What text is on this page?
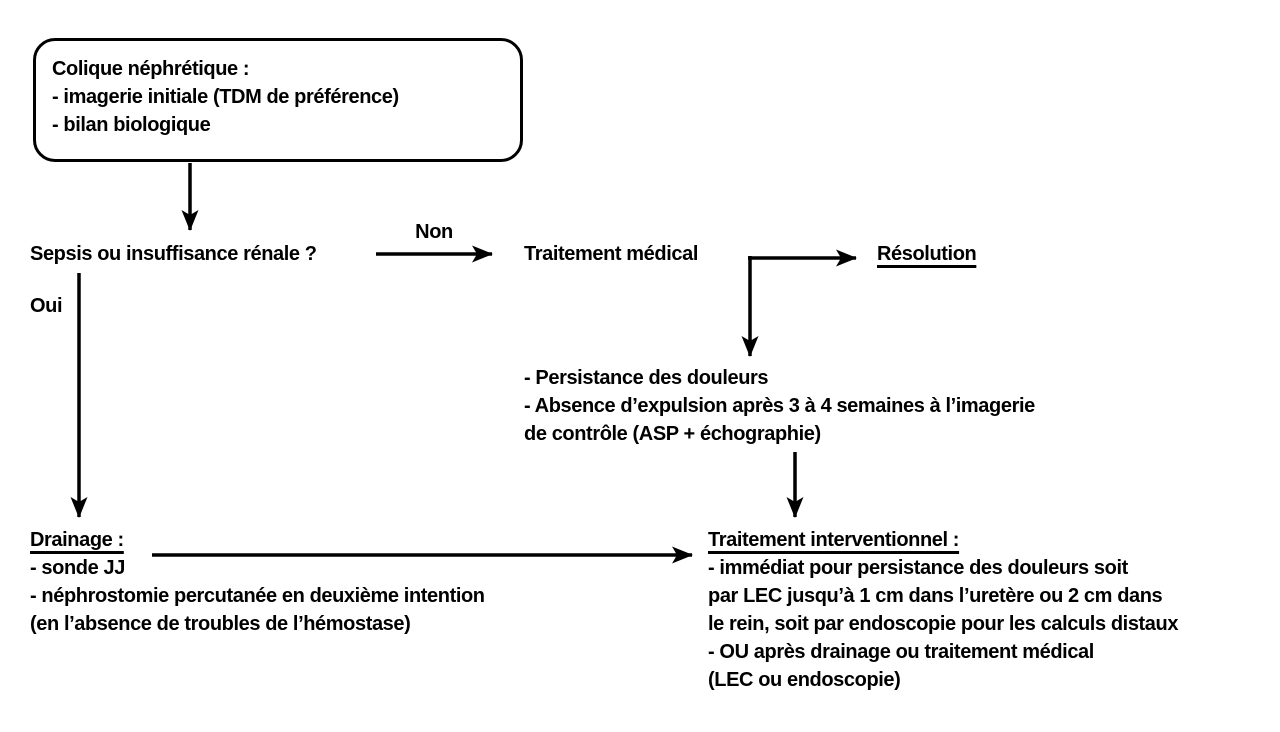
Colique néphrétique :
- imagerie initiale (TDM de préférence)
- bilan biologique
Sepsis ou insuffisance rénale ?
Non
Traitement médical	Résolution
Oui
- Persistance des douleurs
- Absence d’expulsion après 3 à 4 semaines à l’imagerie
de contrôle (ASP + échographie)
Drainage :
- sonde JJ
- néphrostomie percutanée en deuxième intention
(en l’absence de troubles de l’hémostase)
Traitement interventionnel :
- immédiat pour persistance des douleurs soit
par LEC jusqu’à 1 cm dans l’uretère ou 2 cm dans
le rein, soit par endoscopie pour les calculs distaux
- OU après drainage ou traitement médical
(LEC ou endoscopie)
